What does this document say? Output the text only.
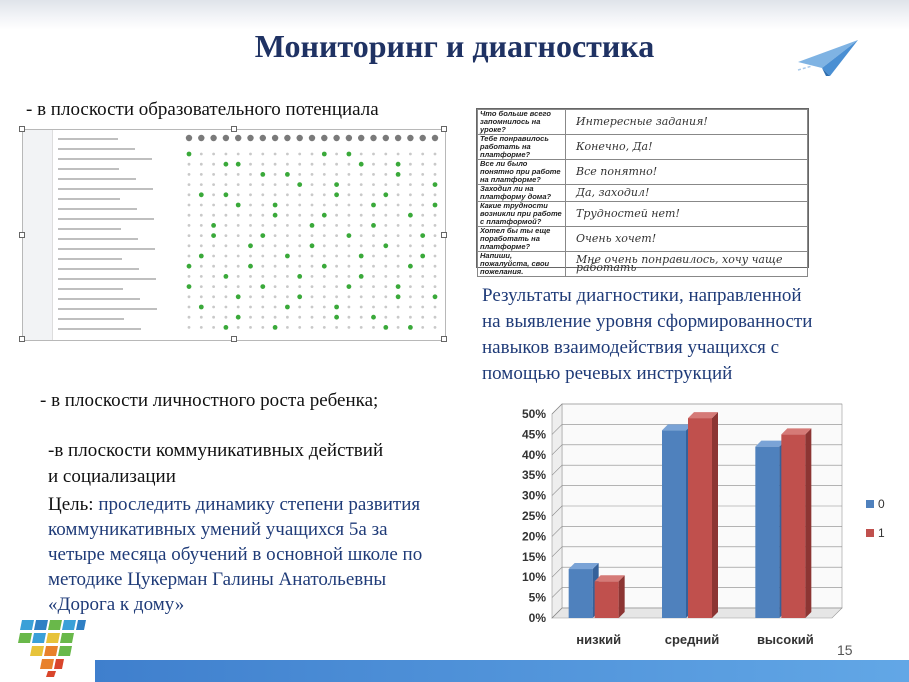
Мониторинг и диагностика
- в плоскости образовательного потенциала	Что больше всего запомнилось на уроке?	Интересные задания!
Тебе понравилось работать на платформе?	Конечно, Да!
Все ли было понятно при работе на платформе?	Все понятно!
Заходил ли на платформу дома?	Да, заходил!
Какие трудности возникли при работе с платформой?	Трудностей нет!
Хотел бы ты еще поработать на платформе?	Очень хочет!
Напиши, пожалуйста, свои пожелания.	Мне очень понравилось, хочу чаще работать
Результаты диагностики, направленной
на выявление уровня сформированности
навыков взаимодействия учащихся с
помощью речевых инструкций
- в плоскости личностного роста ребенка;
-в плоскости коммуникативных действий
и социализации
Цель: проследить динамику степени развития
коммуникативных умений учащихся 5а за
четыре месяца обучений в основной школе по
методике Цукерман Галины Анатольевны
«Дорога к дому»
0%
5%
10%
15%
20%
25%
30%
35%
40%
45%
50%
низкий	средний	высокий
0
1
15
